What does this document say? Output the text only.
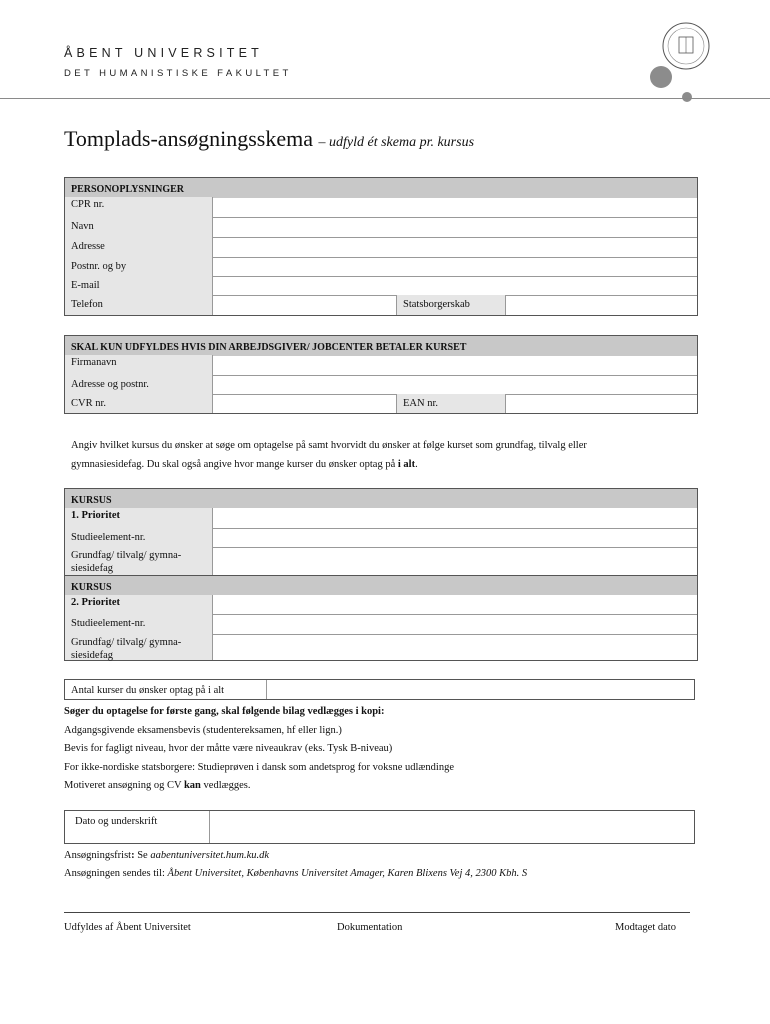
ÅBENT UNIVERSITET
DET HUMANISTISKE FAKULTET
Tomplads-ansøgningsskema – udfyld ét skema pr. kursus
PERSONOPLYSNINGER
CPR nr.
Navn
Adresse
Postnr. og by
E-mail
Telefon	Statsborgerskab
SKAL KUN UDFYLDES HVIS DIN ARBEJDSGIVER/ JOBCENTER BETALER KURSET
Firmanavn
Adresse og postnr.
CVR nr.	EAN nr.
Angiv hvilket kursus du ønsker at søge om optagelse på samt hvorvidt du ønsker at følge kurset som grundfag, tilvalg eller
gymnasiesidefag. Du skal også angive hvor mange kurser du ønsker optag på i alt.
KURSUS
1. Prioritet
Studieelement-nr.
Grundfag/ tilvalg/ gymna-
siesidefag
KURSUS
2. Prioritet
Studieelement-nr.
Grundfag/ tilvalg/ gymna-
siesidefag
Antal kurser du ønsker optag på i alt
Søger du optagelse for første gang, skal følgende bilag vedlægges i kopi:
Adgangsgivende eksamensbevis (studentereksamen, hf eller lign.)
Bevis for fagligt niveau, hvor der måtte være niveaukrav (eks. Tysk B-niveau)
For ikke-nordiske statsborgere: Studieprøven i dansk som andetsprog for voksne udlændinge
Motiveret ansøgning og CV kan vedlægges.
Dato og underskrift
Ansøgningsfrist: Se aabentuniversitet.hum.ku.dk
Ansøgningen sendes til: Åbent Universitet, Københavns Universitet Amager, Karen Blixens Vej 4, 2300 Kbh. S
Udfyldes af Åbent Universitet	Dokumentation	Modtaget dato
